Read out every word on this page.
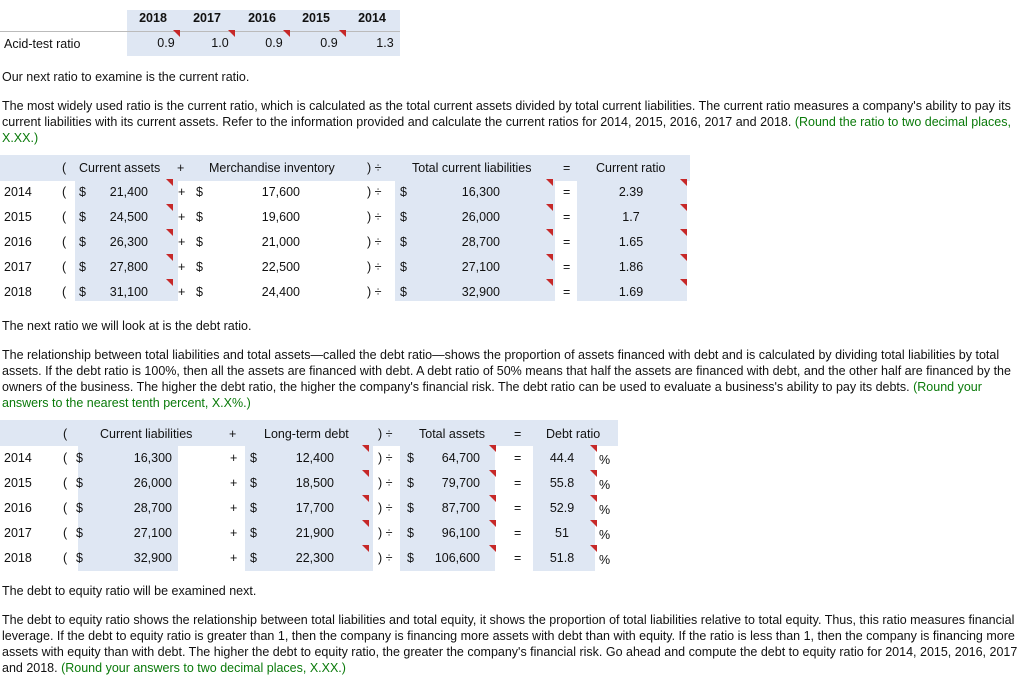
2018	2017	2016	2015	2014
Acid-test ratio	0.9	1.0	0.9	0.9	1.3
Our next ratio to examine is the current ratio.
The most widely used ratio is the current ratio, which is calculated as the total current assets divided by total current liabilities. The current ratio measures a company's ability to pay its current liabilities with its current assets. Refer to the information provided and calculate the current ratios for 2014, 2015, 2016, 2017 and 2018. (Round the ratio to two decimal places, X.XX.)
( Current assets + Merchandise inventory	) ÷ Total current liabilities	= Current ratio
2014 ( $	21,400 + $	17,600	) ÷ $	16,300	=	2.39
2015 ( $	24,500 + $	19,600	) ÷ $	26,000	=	1.7
2016 ( $	26,300 + $	21,000	) ÷ $	28,700	=	1.65
2017 ( $	27,800 + $	22,500	) ÷ $	27,100	=	1.86
2018 ( $	31,100 + $	24,400	) ÷ $	32,900	=	1.69
The next ratio we will look at is the debt ratio.
The relationship between total liabilities and total assets—called the debt ratio—shows the proportion of assets financed with debt and is calculated by dividing total liabilities by total assets. If the debt ratio is 100%, then all the assets are financed with debt. A debt ratio of 50% means that half the assets are financed with debt, and the other half are financed by the owners of the business. The higher the debt ratio, the higher the company's financial risk. The debt ratio can be used to evaluate a business's ability to pay its debts. (Round your answers to the nearest tenth percent, X.X%.)
(	Current liabilities	+ Long-term debt ) ÷ Total assets = Debt ratio
2014 ( $	16,300	+ $	12,400	) ÷ $	64,700	=	44.4	%
2015 ( $	26,000	+ $	18,500	) ÷ $	79,700	=	55.8	%
2016 ( $	28,700	+ $	17,700	) ÷ $	87,700	=	52.9	%
2017 ( $	27,100	+ $	21,900	) ÷ $	96,100	=	51	%
2018 ( $	32,900	+ $	22,300	) ÷ $	106,600	=	51.8	%
The debt to equity ratio will be examined next.
The debt to equity ratio shows the relationship between total liabilities and total equity, it shows the proportion of total liabilities relative to total equity. Thus, this ratio measures financial leverage. If the debt to equity ratio is greater than 1, then the company is financing more assets with debt than with equity. If the ratio is less than 1, then the company is financing more assets with equity than with debt. The higher the debt to equity ratio, the greater the company's financial risk. Go ahead and compute the debt to equity ratio for 2014, 2015, 2016, 2017 and 2018. (Round your answers to two decimal places, X.XX.)
